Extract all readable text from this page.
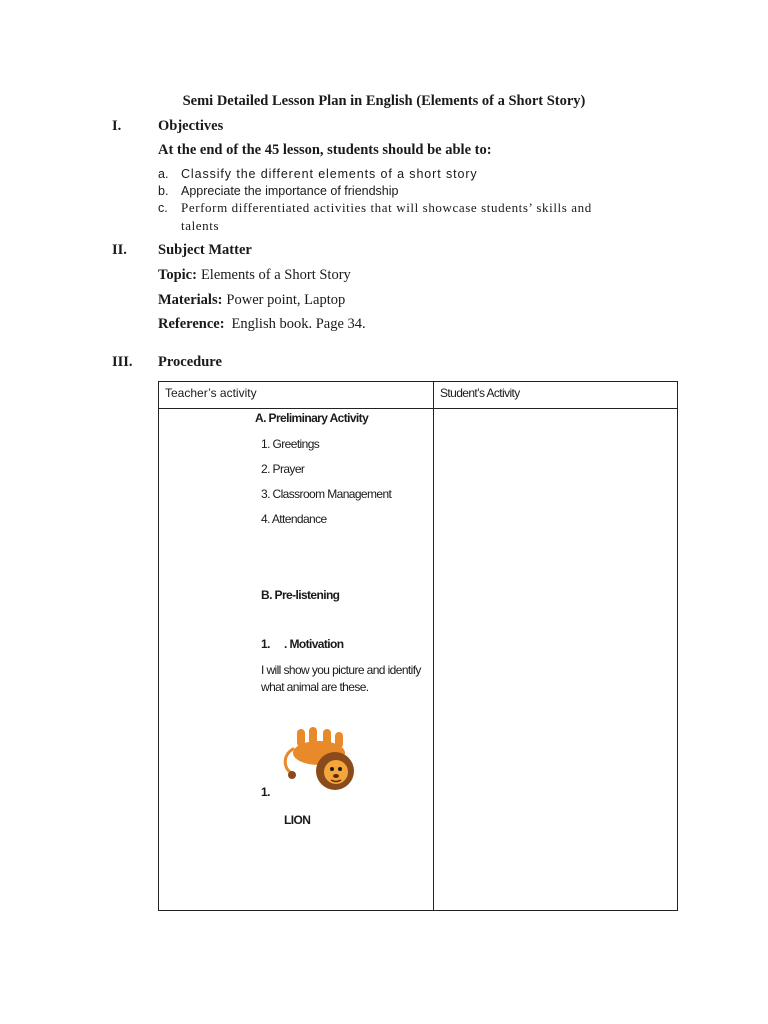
Semi Detailed Lesson Plan in English (Elements of a Short Story)
I.	Objectives
At the end of the 45 lesson, students should be able to:
a. Classify the different elements of a short story
b. Appreciate the importance of friendship
c. Perform differentiated activities that will showcase students’ skills and
talents
II. Subject Matter
Topic: Elements of a Short Story
Materials: Power point, Laptop
Reference: English book. Page 34.
III. Procedure
Teacher’s activity	Student’s Activity
A. Preliminary Activity
1. Greetings
2. Prayer
3. Classroom Management
4. Attendance
B. Pre-listening
1. . Motivation
I will show you picture and identify
what animal are these.
1.
LION
